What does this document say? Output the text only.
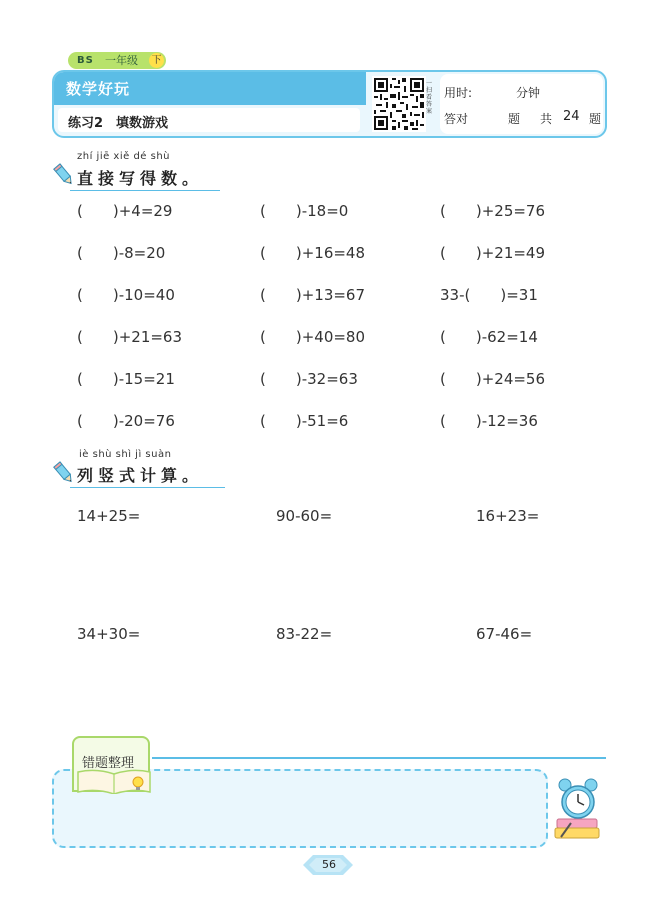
BS 一年级 下
数学好玩
练习2　填数游戏
一扫看答案
用时:	分钟
答对	题 共 24 题
zhí jiē xiě dé shù
直接写得数。
(　　)+4=29	(　　)-18=0	(　　)+25=76
(　　)-8=20	(　　)+16=48	(　　)+21=49
(　　)-10=40	(　　)+13=67	33-(　　)=31
(　　)+21=63	(　　)+40=80	(　　)-62=14
(　　)-15=21	(　　)-32=63	(　　)+24=56
(　　)-20=76	(　　)-51=6	(　　)-12=36
iè shù shì jì suàn
列竖式计算。
14+25=	90-60=	16+23=
34+30=	83-22=	67-46=
错题整理
56
